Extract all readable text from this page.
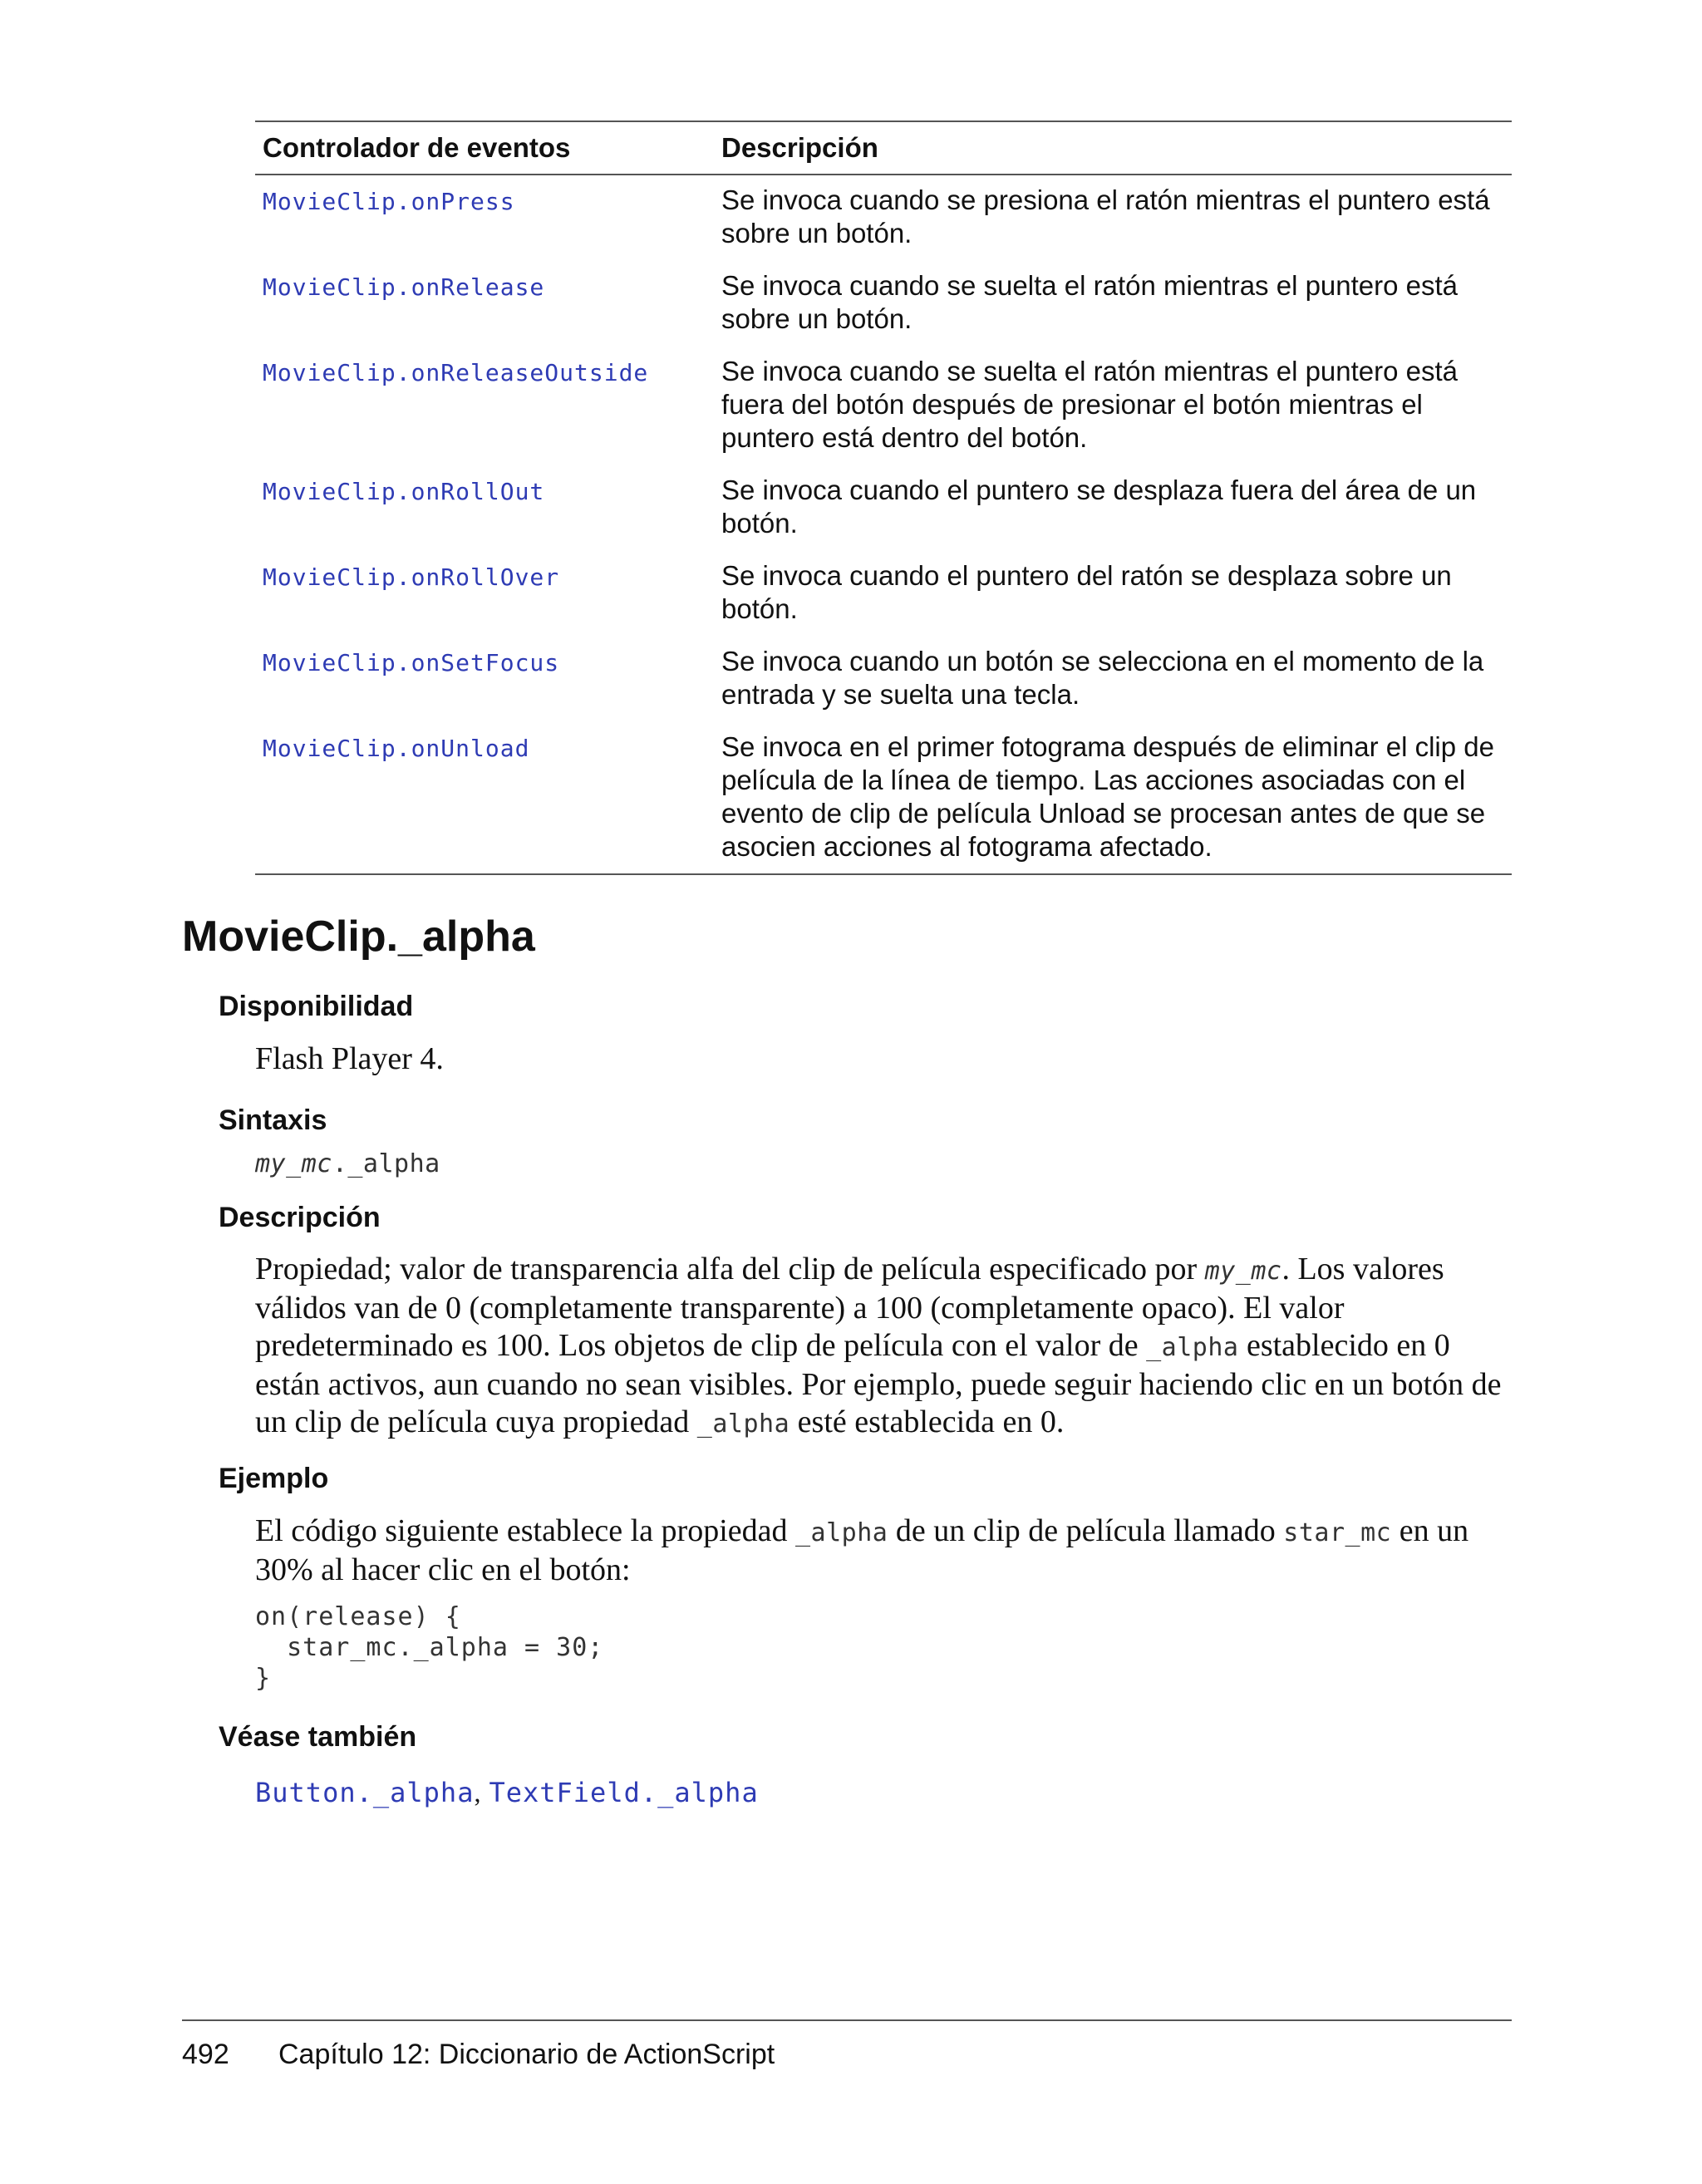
Controlador de eventos	Descripción
MovieClip.onPress	Se invoca cuando se presiona el ratón mientras el puntero está sobre un botón.
MovieClip.onRelease	Se invoca cuando se suelta el ratón mientras el puntero está sobre un botón.
MovieClip.onReleaseOutside	Se invoca cuando se suelta el ratón mientras el puntero está fuera del botón después de presionar el botón mientras el puntero está dentro del botón.
MovieClip.onRollOut	Se invoca cuando el puntero se desplaza fuera del área de un botón.
MovieClip.onRollOver	Se invoca cuando el puntero del ratón se desplaza sobre un botón.
MovieClip.onSetFocus	Se invoca cuando un botón se selecciona en el momento de la entrada y se suelta una tecla.
MovieClip.onUnload	Se invoca en el primer fotograma después de eliminar el clip de película de la línea de tiempo. Las acciones asociadas con el evento de clip de película Unload se procesan antes de que se asocien acciones al fotograma afectado.
MovieClip._alpha
Disponibilidad

Flash Player 4.

Sintaxis

my_mc._alpha

Descripción

Propiedad; valor de transparencia alfa del clip de película especificado por my_mc. Los valores válidos van de 0 (completamente transparente) a 100 (completamente opaco). El valor predeterminado es 100. Los objetos de clip de película con el valor de _alpha establecido en 0 están activos, aun cuando no sean visibles. Por ejemplo, puede seguir haciendo clic en un botón de un clip de película cuya propiedad _alpha esté establecida en 0.

Ejemplo

El código siguiente establece la propiedad _alpha de un clip de película llamado star_mc en un 30% al hacer clic en el botón:

on(release) {
star_mc._alpha = 30;
}
Véase también
Button._alpha, TextField._alpha
492 Capítulo 12: Diccionario de ActionScript
